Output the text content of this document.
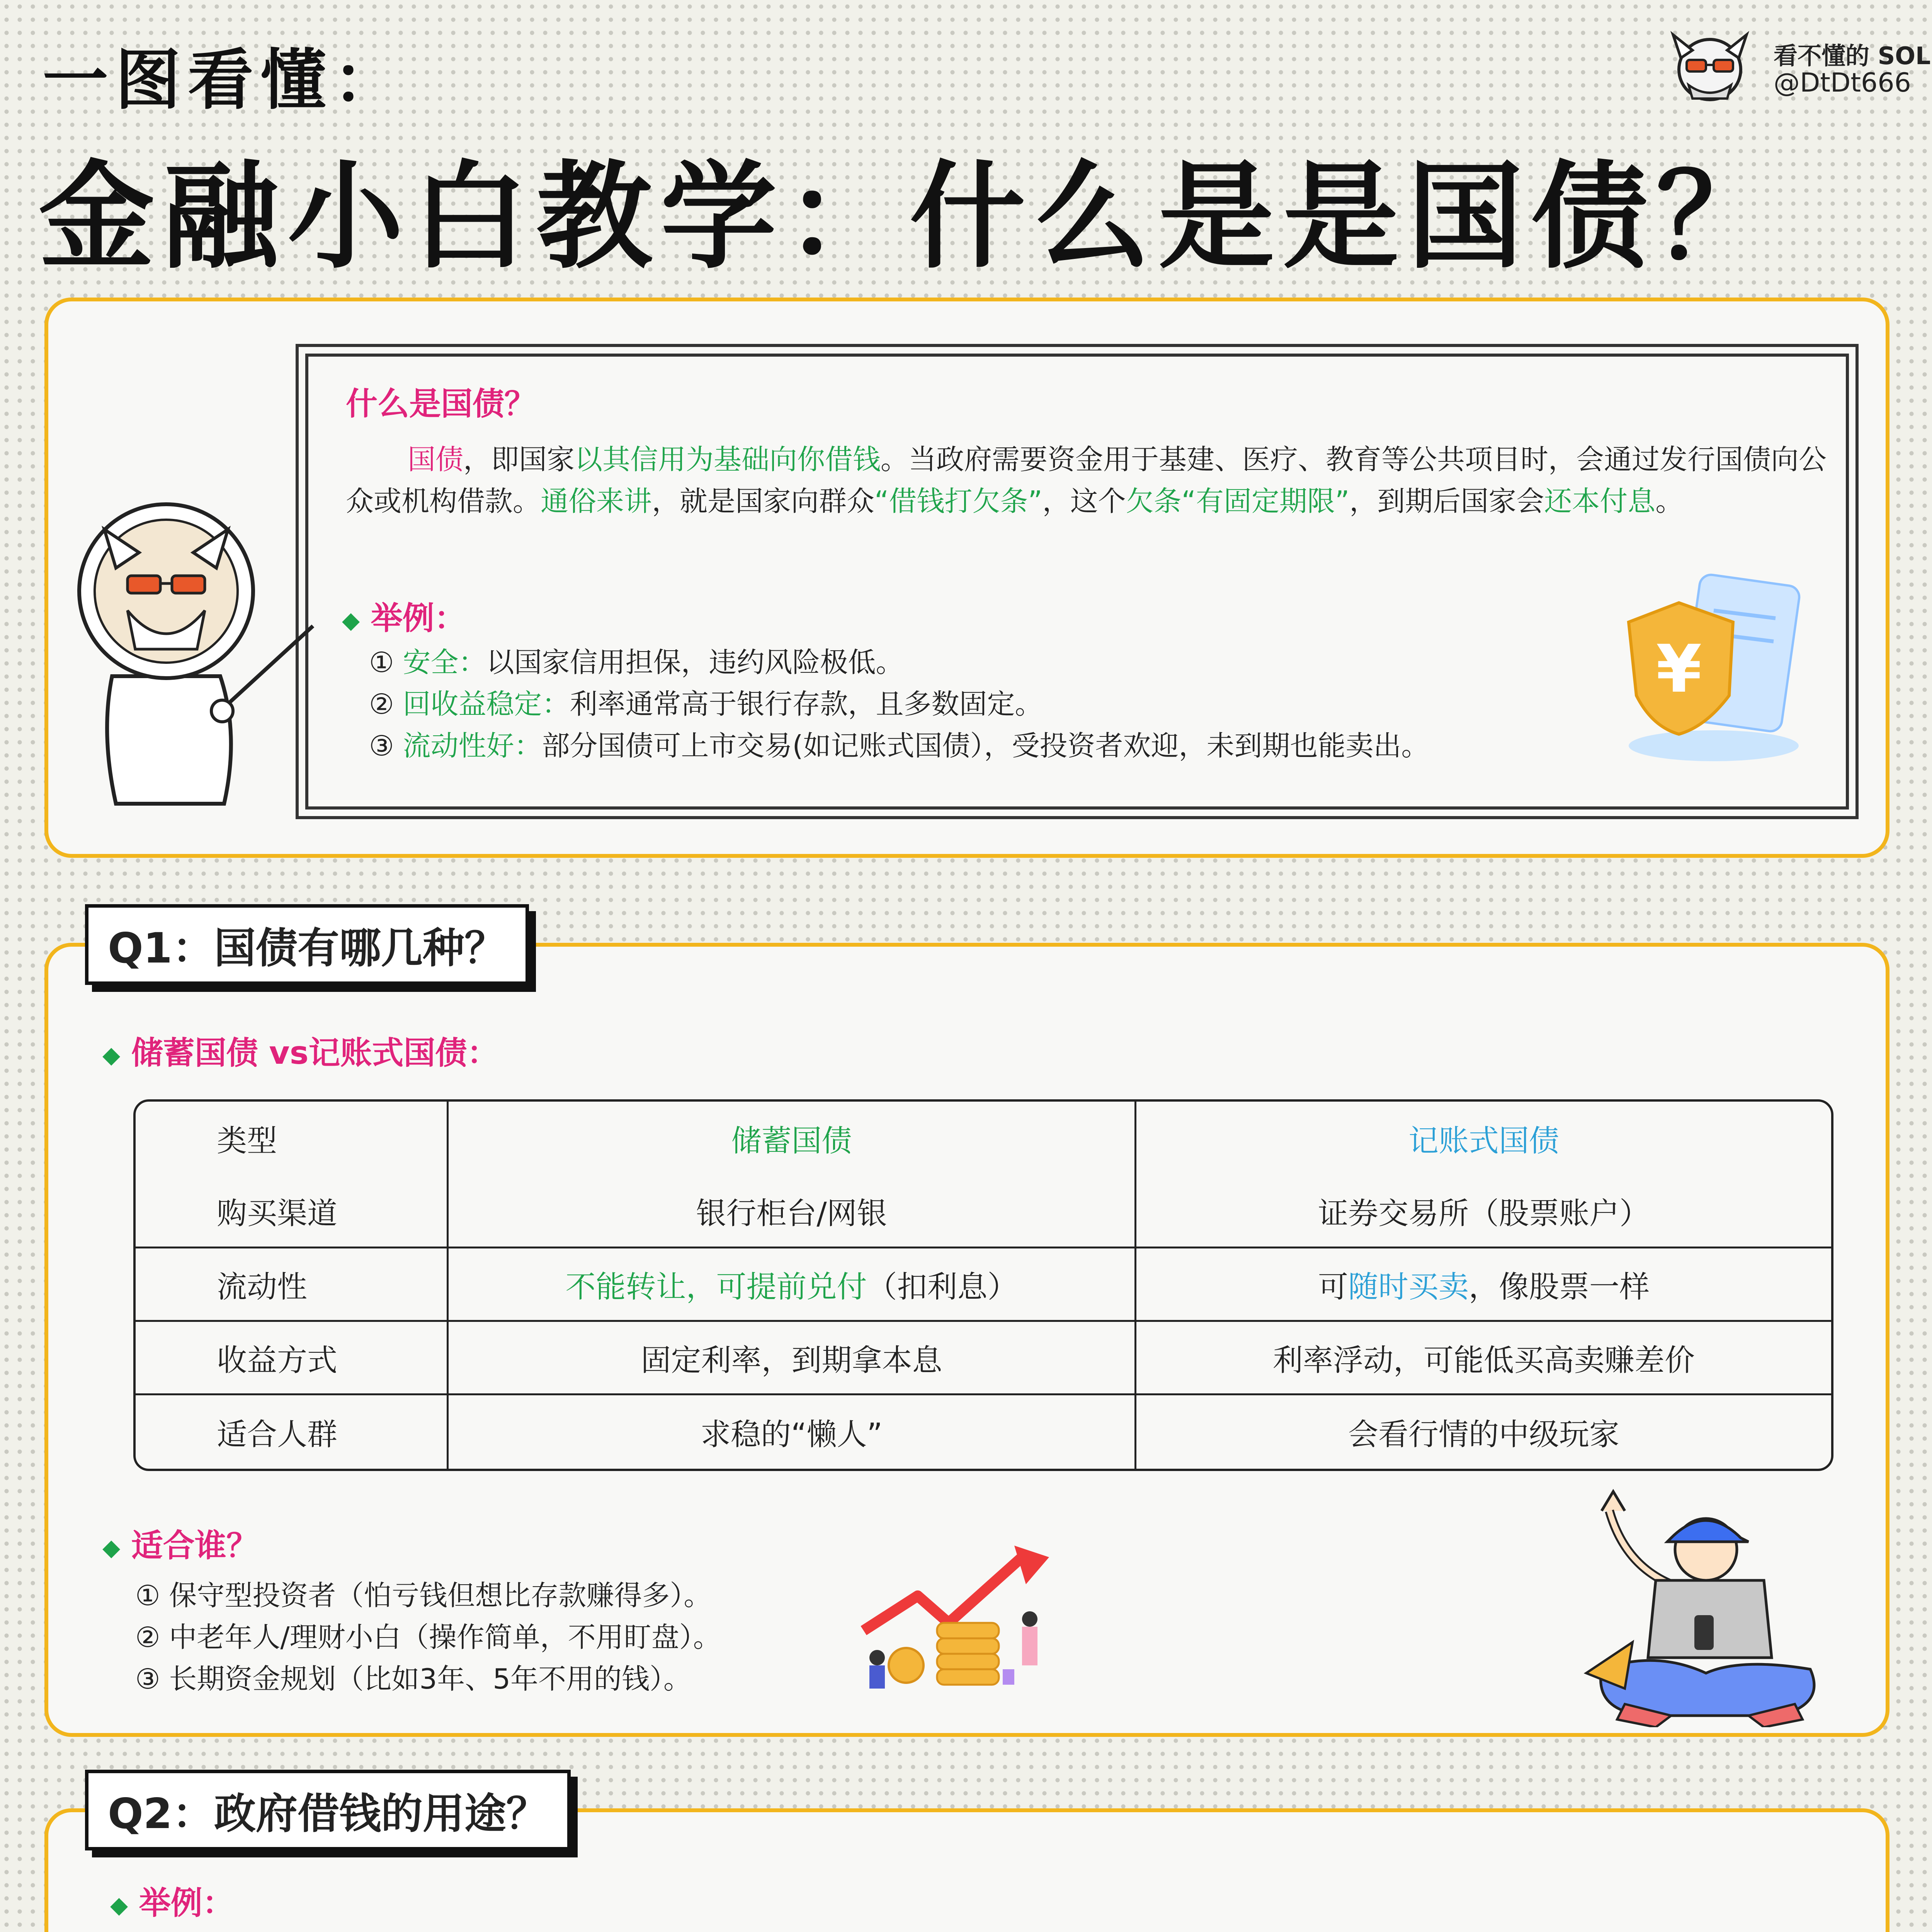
一图看懂：
金融小白教学：什么是是国债？
看不懂的 SOL
@DtDt666
什么是国债？
国债，即国家以其信用为基础向你借钱。当政府需要资金用于基建、医疗、教育等公共项目时，会通过发行国债向公众或机构借款。通俗来讲，就是国家向群众“借钱打欠条”，这个欠条“有固定期限”，到期后国家会还本付息。
◆ 举例：
① 安全：以国家信用担保，违约风险极低。
② 回收益稳定：利率通常高于银行存款，且多数固定。
③ 流动性好：部分国债可上市交易(如记账式国债），受投资者欢迎，未到期也能卖出。
¥
◆ 储蓄国债 vs记账式国债：
类型	储蓄国债	记账式国债
购买渠道	银行柜台/网银	证券交易所（股票账户）
流动性	不能转让，可提前兑付（扣利息）	可随时买卖，像股票一样
收益方式	固定利率，到期拿本息	利率浮动，可能低买高卖赚差价
适合人群	求稳的“懒人”	会看行情的中级玩家
◆ 适合谁？
① 保守型投资者（怕亏钱但想比存款赚得多）。
② 中老年人/理财小白（操作简单，不用盯盘）。
③ 长期资金规划（比如3年、5年不用的钱）。
Q1：国债有哪几种？
◆ 举例：
Q2：政府借钱的用途？
